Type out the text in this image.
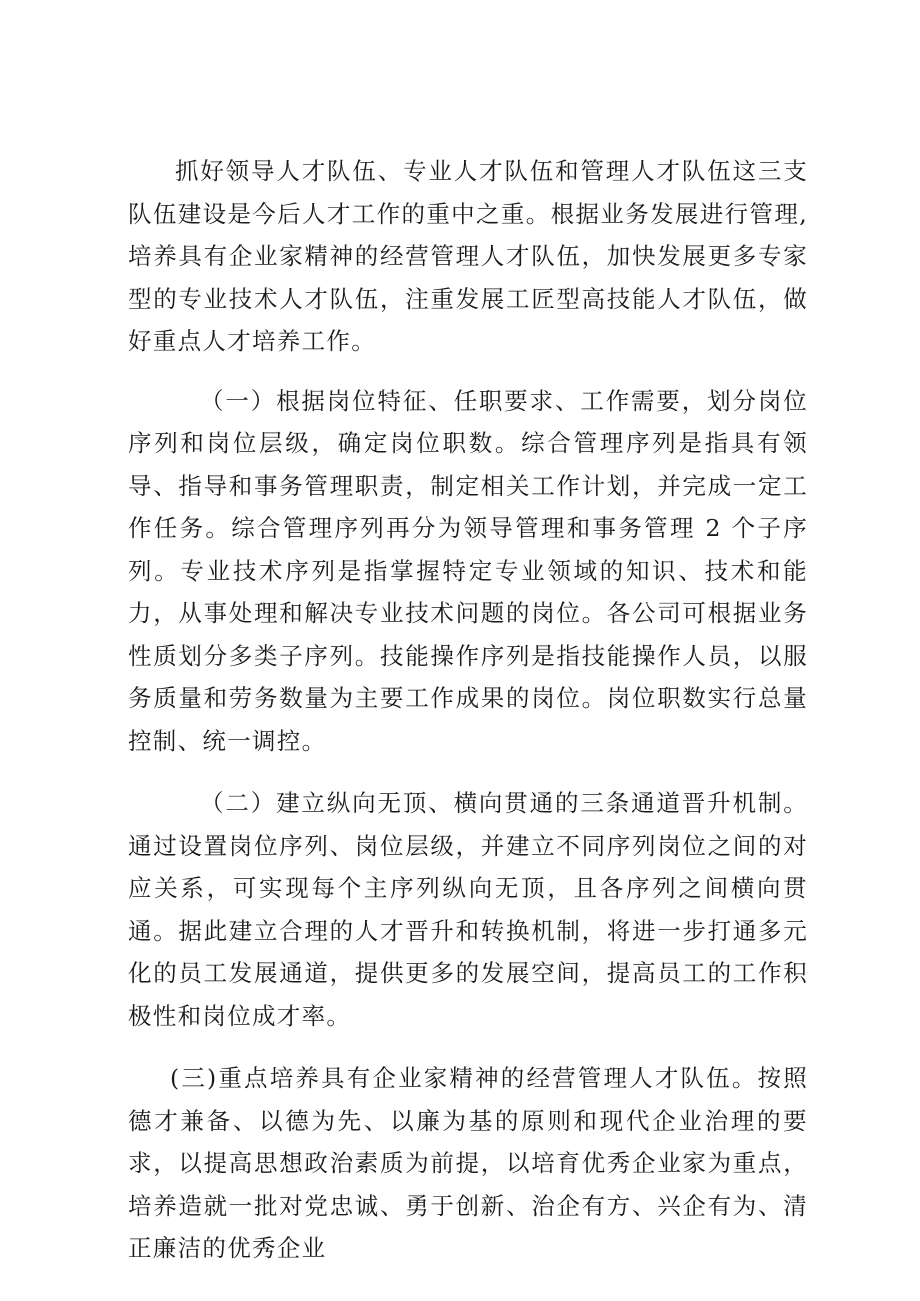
抓好领导人才队伍、专业人才队伍和管理人才队伍这三支队伍建设是今后人才工作的重中之重。根据业务发展进行管理,培养具有企业家精神的经营管理人才队伍，加快发展更多专家型的专业技术人才队伍，注重发展工匠型高技能人才队伍，做好重点人才培养工作。

（一）根据岗位特征、任职要求、工作需要，划分岗位序列和岗位层级，确定岗位职数。综合管理序列是指具有领导、指导和事务管理职责，制定相关工作计划，并完成一定工作任务。综合管理序列再分为领导管理和事务管理 2 个子序列。专业技术序列是指掌握特定专业领域的知识、技术和能力，从事处理和解决专业技术问题的岗位。各公司可根据业务性质划分多类子序列。技能操作序列是指技能操作人员，以服务质量和劳务数量为主要工作成果的岗位。岗位职数实行总量控制、统一调控。

（二）建立纵向无顶、横向贯通的三条通道晋升机制。通过设置岗位序列、岗位层级，并建立不同序列岗位之间的对应关系，可实现每个主序列纵向无顶，且各序列之间横向贯通。据此建立合理的人才晋升和转换机制，将进一步打通多元化的员工发展通道，提供更多的发展空间，提高员工的工作积极性和岗位成才率。

(三)重点培养具有企业家精神的经营管理人才队伍。按照德才兼备、以德为先、以廉为基的原则和现代企业治理的要求，以提高思想政治素质为前提，以培育优秀企业家为重点，培养造就一批对党忠诚、勇于创新、治企有方、兴企有为、清正廉洁的优秀企业
